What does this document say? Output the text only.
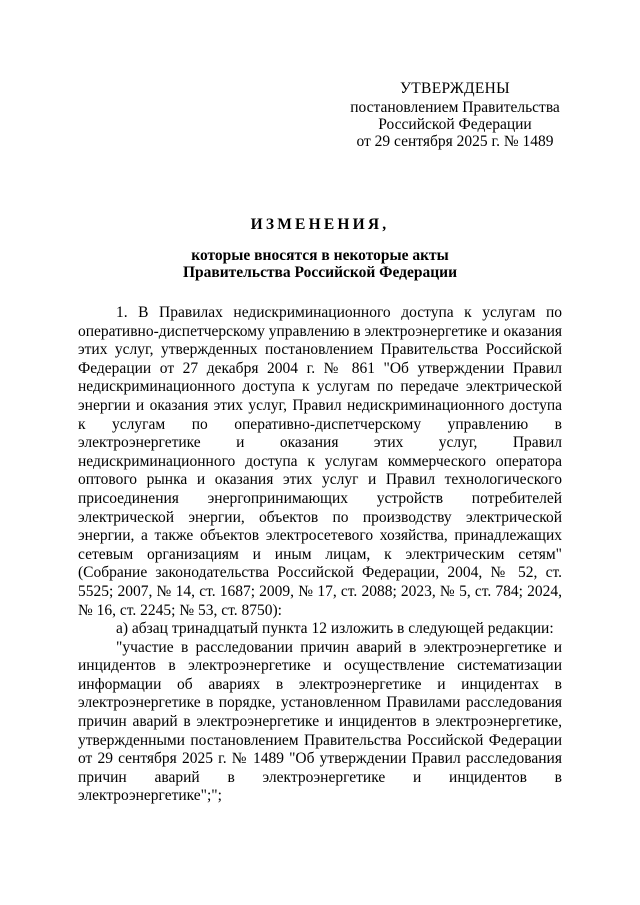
УТВЕРЖДЕНЫ
постановлением Правительства
Российской Федерации
от 29 сентября 2025 г. № 1489
ИЗМЕНЕНИЯ,
которые вносятся в некоторые акты
Правительства Российской Федерации

1. В Правилах недискриминационного доступа к услугам по оперативно-диспетчерскому управлению в электроэнергетике и оказания этих услуг, утвержденных постановлением Правительства Российской Федерации от 27 декабря 2004 г. № 861 "Об утверждении Правил недискриминационного доступа к услугам по передаче электрической энергии и оказания этих услуг, Правил недискриминационного доступа к услугам по оперативно-диспетчерскому управлению в электроэнергетике и оказания этих услуг, Правил недискриминационного доступа к услугам коммерческого оператора оптового рынка и оказания этих услуг и Правил технологического присоединения энергопринимающих устройств потребителей электрической энергии, объектов по производству электрической энергии, а также объектов электросетевого хозяйства, принадлежащих сетевым организациям и иным лицам, к электрическим сетям" (Собрание законодательства Российской Федерации, 2004, № 52, ст. 5525; 2007, № 14, ст. 1687; 2009, № 17, ст. 2088; 2023, № 5, ст. 784; 2024, № 16, ст. 2245; № 53, ст. 8750):

а) абзац тринадцатый пункта 12 изложить в следующей редакции:

"участие в расследовании причин аварий в электроэнергетике и инцидентов в электроэнергетике и осуществление систематизации информации об авариях в электроэнергетике и инцидентах в электроэнергетике в порядке, установленном Правилами расследования причин аварий в электроэнергетике и инцидентов в электроэнергетике, утвержденными постановлением Правительства Российской Федерации от 29 сентября 2025 г. № 1489 "Об утверждении Правил расследования причин аварий в электроэнергетике и инцидентов в электроэнергетике";";
